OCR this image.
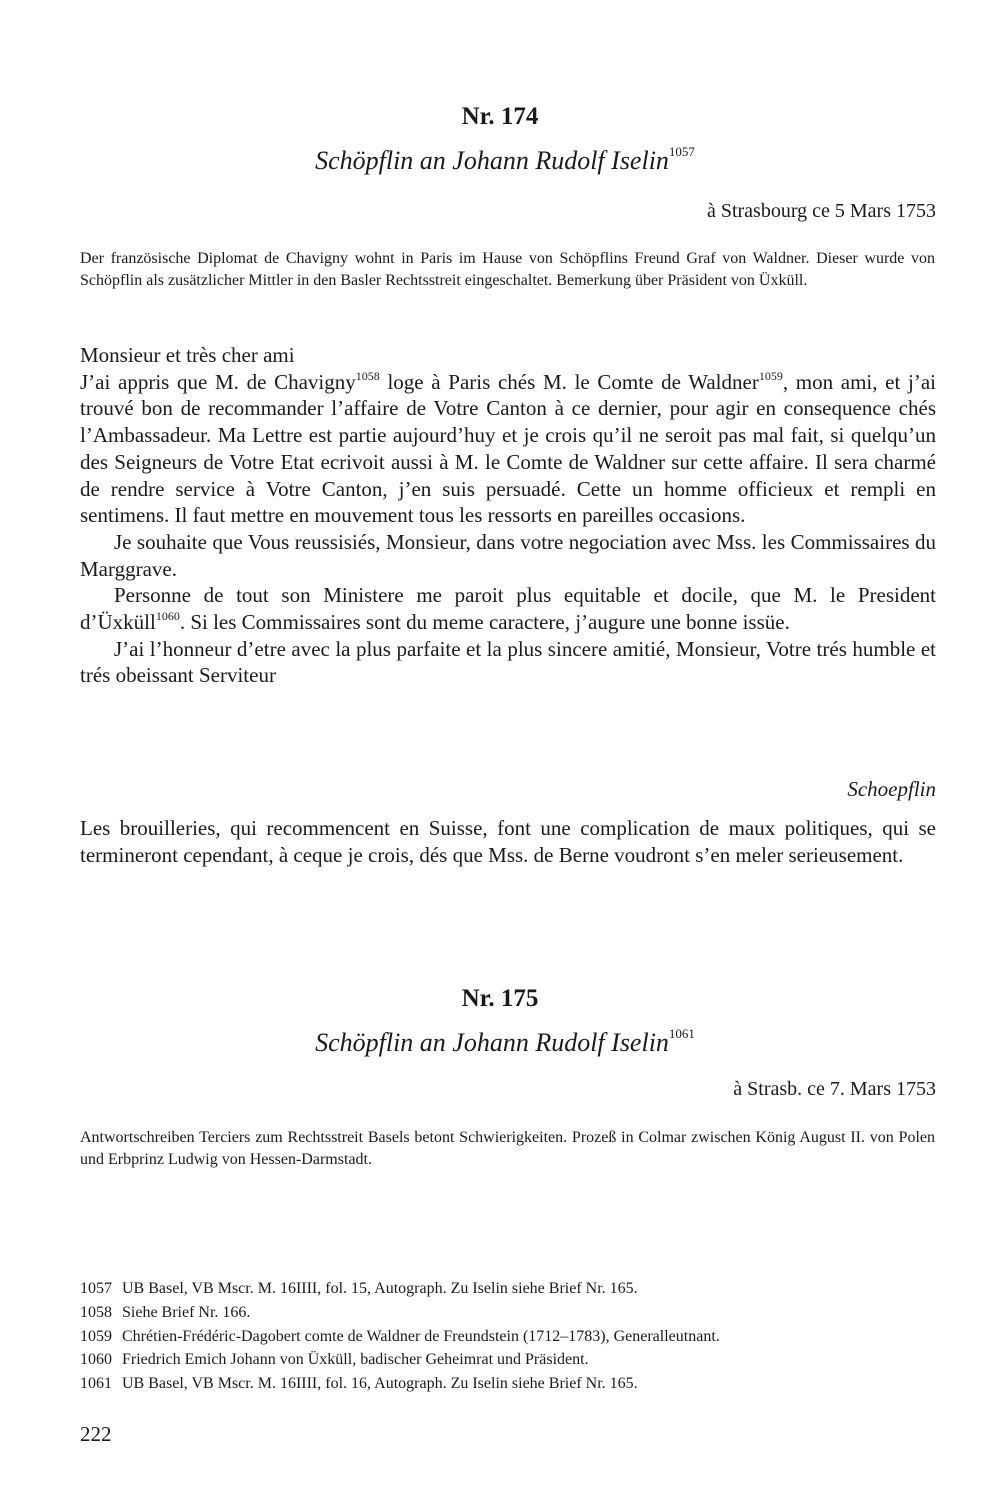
Nr. 174
Schöpflin an Johann Rudolf Iselin$^{1057}$
à Strasbourg ce 5 Mars 1753
Der französische Diplomat de Chavigny wohnt in Paris im Hause von Schöpflins Freund Graf von Waldner. Dieser wurde von Schöpflin als zusätzlicher Mittler in den Basler Rechtsstreit eingeschaltet. Bemerkung über Präsident von Üxküll.

Monsieur et très cher ami

J’ai appris que M. de Chavigny$^{1058}$ loge à Paris chés M. le Comte de Waldner$^{1059}$, mon ami, et j’ai trouvé bon de recommander l’affaire de Votre Canton à ce dernier, pour agir en consequence chés l’Ambassadeur. Ma Lettre est partie aujourd’huy et je crois qu’il ne seroit pas mal fait, si quelqu’un des Seigneurs de Votre Etat ecrivoit aussi à M. le Comte de Waldner sur cette affaire. Il sera charmé de rendre service à Votre Canton, j’en suis persuadé. Cette un homme officieux et rempli en sentimens. Il faut mettre en mouvement tous les ressorts en pareilles occasions.

Je souhaite que Vous reussisiés, Monsieur, dans votre negociation avec Mss. les Commissaires du Marggrave.

Personne de tout son Ministere me paroit plus equitable et docile, que M. le President d’Üxküll$^{1060}$. Si les Commissaires sont du meme caractere, j’augure une bonne issüe.

J’ai l’honneur d’etre avec la plus parfaite et la plus sincere amitié, Monsieur, Votre trés humble et trés obeissant Serviteur

Schoepflin
Les brouilleries, qui recommencent en Suisse, font une complication de maux politiques, qui se termineront cependant, à ceque je crois, dés que Mss. de Berne voudront s’en meler serieusement.
Nr. 175
Schöpflin an Johann Rudolf Iselin$^{1061}$
à Strasb. ce 7. Mars 1753
Antwortschreiben Terciers zum Rechtsstreit Basels betont Schwierigkeiten. Prozeß in Colmar zwischen König August II. von Polen und Erbprinz Ludwig von Hessen-Darmstadt.
1057 UB Basel, VB Mscr. M. 16IIII, fol. 15, Autograph. Zu Iselin siehe Brief Nr. 165.
1058 Siehe Brief Nr. 166.
1059 Chrétien-Frédéric-Dagobert comte de Waldner de Freundstein (1712–1783), Generalleutnant.
1060 Friedrich Emich Johann von Üxküll, badischer Geheimrat und Präsident.
1061 UB Basel, VB Mscr. M. 16IIII, fol. 16, Autograph. Zu Iselin siehe Brief Nr. 165.
222
